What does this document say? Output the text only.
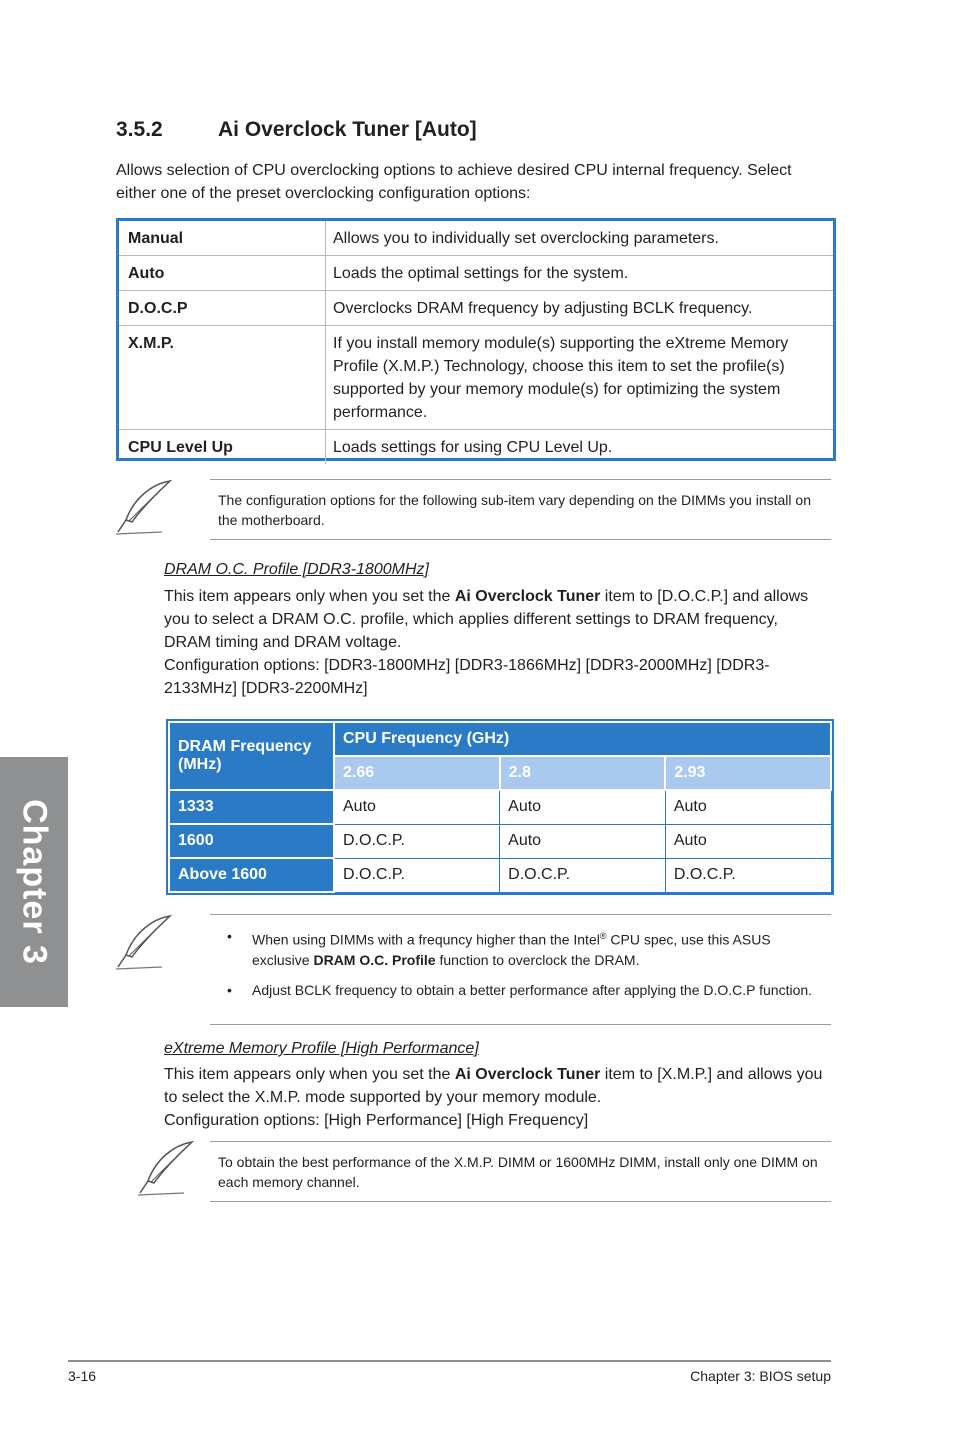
3.5.2	Ai Overclock Tuner [Auto]
Allows selection of CPU overclocking options to achieve desired CPU internal frequency. Select either one of the preset overclocking configuration options:
Manual	Allows you to individually set overclocking parameters.
Auto	Loads the optimal settings for the system.
D.O.C.P	Overclocks DRAM frequency by adjusting BCLK frequency.
X.M.P.	If you install memory module(s) supporting the eXtreme Memory Profile (X.M.P.) Technology, choose this item to set the profile(s) supported by your memory module(s) for optimizing the system performance.
CPU Level Up	Loads settings for using CPU Level Up.
The configuration options for the following sub-item vary depending on the DIMMs you install on the motherboard.
DRAM O.C. Profile [DDR3-1800MHz]
This item appears only when you set the Ai Overclock Tuner item to [D.O.C.P.] and allows you to select a DRAM O.C. profile, which applies different settings to DRAM frequency, DRAM timing and DRAM voltage.
Configuration options: [DDR3-1800MHz] [DDR3-1866MHz] [DDR3-2000MHz] [DDR3-2133MHz] [DDR3-2200MHz]
DRAM Frequency (MHz)	CPU Frequency (GHz)		
	2.66	2.8	2.93
1333	Auto	Auto	Auto
1600	D.O.C.P.	Auto	Auto
Above 1600	D.O.C.P.	D.O.C.P.	D.O.C.P.
• When using DIMMs with a frequncy higher than the Intel® CPU spec, use this ASUS exclusive DRAM O.C. Profile function to overclock the DRAM.
• Adjust BCLK frequency to obtain a better performance after applying the D.O.C.P function.
eXtreme Memory Profile [High Performance]
This item appears only when you set the Ai Overclock Tuner item to [X.M.P.] and allows you to select the X.M.P. mode supported by your memory module.
Configuration options: [High Performance] [High Frequency]
To obtain the best performance of the X.M.P. DIMM or 1600MHz DIMM, install only one DIMM on each memory channel.
Chapter 3
3-16	Chapter 3: BIOS setup
